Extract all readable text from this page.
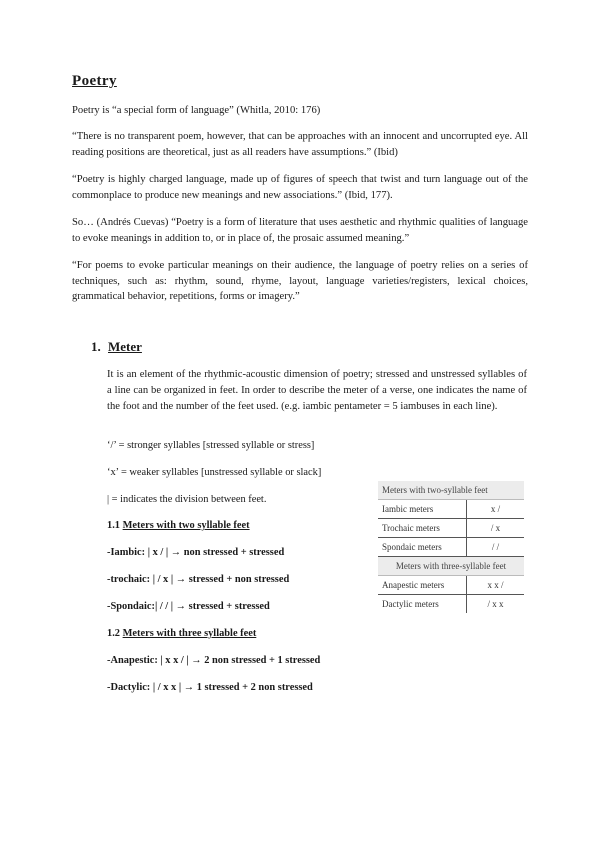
Poetry
Poetry is “a special form of language” (Whitla, 2010: 176)
“There is no transparent poem, however, that can be approaches with an innocent and uncorrupted eye. All reading positions are theoretical, just as all readers have assumptions.” (Ibid)
“Poetry is highly charged language, made up of figures of speech that twist and turn language out of the commonplace to produce new meanings and new associations.” (Ibid, 177).
So… (Andrés Cuevas) “Poetry is a form of literature that uses aesthetic and rhythmic qualities of language to evoke meanings in addition to, or in place of, the prosaic assumed meaning.”
“For poems to evoke particular meanings on their audience, the language of poetry relies on a series of techniques, such as: rhythm, sound, rhyme, layout, language varieties/registers, lexical choices, grammatical behavior, repetitions, forms or imagery.”
1. Meter
It is an element of the rhythmic-acoustic dimension of poetry; stressed and unstressed syllables of a line can be organized in feet. In order to describe the meter of a verse, one indicates the name of the foot and the number of the feet used. (e.g. iambic pentameter = 5 iambuses in each line).
‘/’ = stronger syllables [stressed syllable or stress]
‘x’ = weaker syllables [unstressed syllable or slack]
| = indicates the division between feet.
1.1 Meters with two syllable feet
-Iambic: | x / | → non stressed + stressed
-trochaic: | / x | → stressed + non stressed
-Spondaic:| / / | → stressed + stressed
1.2 Meters with three syllable feet
-Anapestic: | x x / | → 2 non stressed + 1 stressed
-Dactylic: | / x x | → 1 stressed + 2 non stressed
Meters with two-syllable feet	
Iambic meters	x /
Trochaic meters	/ x
Spondaic meters	/ /
Meters with three-syllable feet	
Anapestic meters	x x /
Dactylic meters	/ x x
